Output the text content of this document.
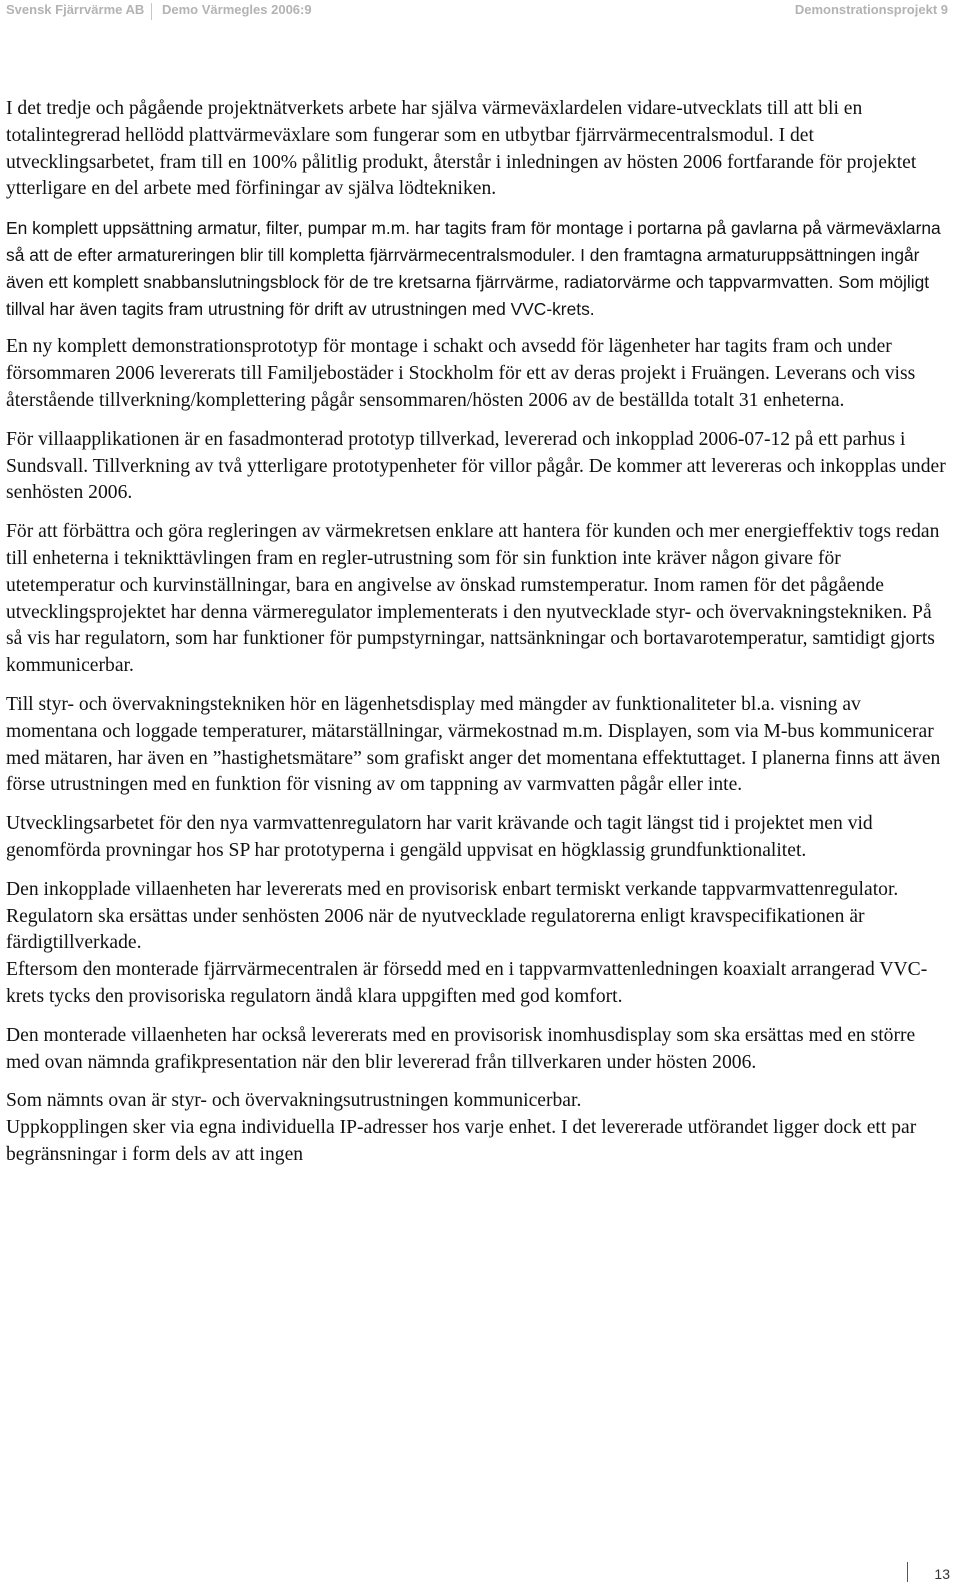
Svensk Fjärrvärme AB Demo Värmegles 2006:9	Demonstrationsprojekt 9

I det tredje och pågående projektnätverkets arbete har själva värmeväxlardelen vidare-utvecklats till att bli en totalintegrerad hellödd plattvärmeväxlare som fungerar som en utbytbar fjärrvärmecentralsmodul. I det utvecklingsarbetet, fram till en 100% pålitlig produkt, återstår i inledningen av hösten 2006 fortfarande för projektet ytterligare en del arbete med förfiningar av själva lödtekniken.

En komplett uppsättning armatur, filter, pumpar m.m. har tagits fram för montage i portarna på gavlarna på värmeväxlarna så att de efter armatureringen blir till kompletta fjärrvärmecentralsmoduler. I den framtagna armaturuppsättningen ingår även ett komplett snabbanslutningsblock för de tre kretsarna fjärrvärme, radiatorvärme och tappvarmvatten. Som möjligt tillval har även tagits fram utrustning för drift av utrustningen med VVC-krets.

En ny komplett demonstrationsprototyp för montage i schakt och avsedd för lägenheter har tagits fram och under försommaren 2006 levererats till Familjebostäder i Stockholm för ett av deras projekt i Fruängen. Leverans och viss återstående tillverkning/komplettering pågår sensommaren/hösten 2006 av de beställda totalt 31 enheterna.

För villaapplikationen är en fasadmonterad prototyp tillverkad, levererad och inkopplad 2006-07-12 på ett parhus i Sundsvall. Tillverkning av två ytterligare prototypenheter för villor pågår. De kommer att levereras och inkopplas under senhösten 2006.

För att förbättra och göra regleringen av värmekretsen enklare att hantera för kunden och mer energieffektiv togs redan till enheterna i teknikttävlingen fram en regler-utrustning som för sin funktion inte kräver någon givare för utetemperatur och kurvinställningar, bara en angivelse av önskad rumstemperatur. Inom ramen för det pågående utvecklingsprojektet har denna värmeregulator implementerats i den nyutvecklade styr- och övervakningstekniken. På så vis har regulatorn, som har funktioner för pumpstyrningar, nattsänkningar och bortavarotemperatur, samtidigt gjorts kommunicerbar.

Till styr- och övervakningstekniken hör en lägenhetsdisplay med mängder av funktionaliteter bl.a. visning av momentana och loggade temperaturer, mätarställningar, värmekostnad m.m. Displayen, som via M-bus kommunicerar med mätaren, har även en ”hastighetsmätare” som grafiskt anger det momentana effektuttaget. I planerna finns att även förse utrustningen med en funktion för visning av om tappning av varmvatten pågår eller inte.

Utvecklingsarbetet för den nya varmvattenregulatorn har varit krävande och tagit längst tid i projektet men vid genomförda provningar hos SP har prototyperna i gengäld uppvisat en högklassig grundfunktionalitet.

Den inkopplade villaenheten har levererats med en provisorisk enbart termiskt verkande tappvarmvattenregulator. Regulatorn ska ersättas under senhösten 2006 när de nyutvecklade regulatorerna enligt kravspecifikationen är färdigtillverkade.

Eftersom den monterade fjärrvärmecentralen är försedd med en i tappvarmvattenledningen koaxialt arrangerad VVC-krets tycks den provisoriska regulatorn ändå klara uppgiften med god komfort.

Den monterade villaenheten har också levererats med en provisorisk inomhusdisplay som ska ersättas med en större med ovan nämnda grafikpresentation när den blir levererad från tillverkaren under hösten 2006.

Som nämnts ovan är styr- och övervakningsutrustningen kommunicerbar.

Uppkopplingen sker via egna individuella IP-adresser hos varje enhet. I det levererade utförandet ligger dock ett par begränsningar i form dels av att ingen

13
